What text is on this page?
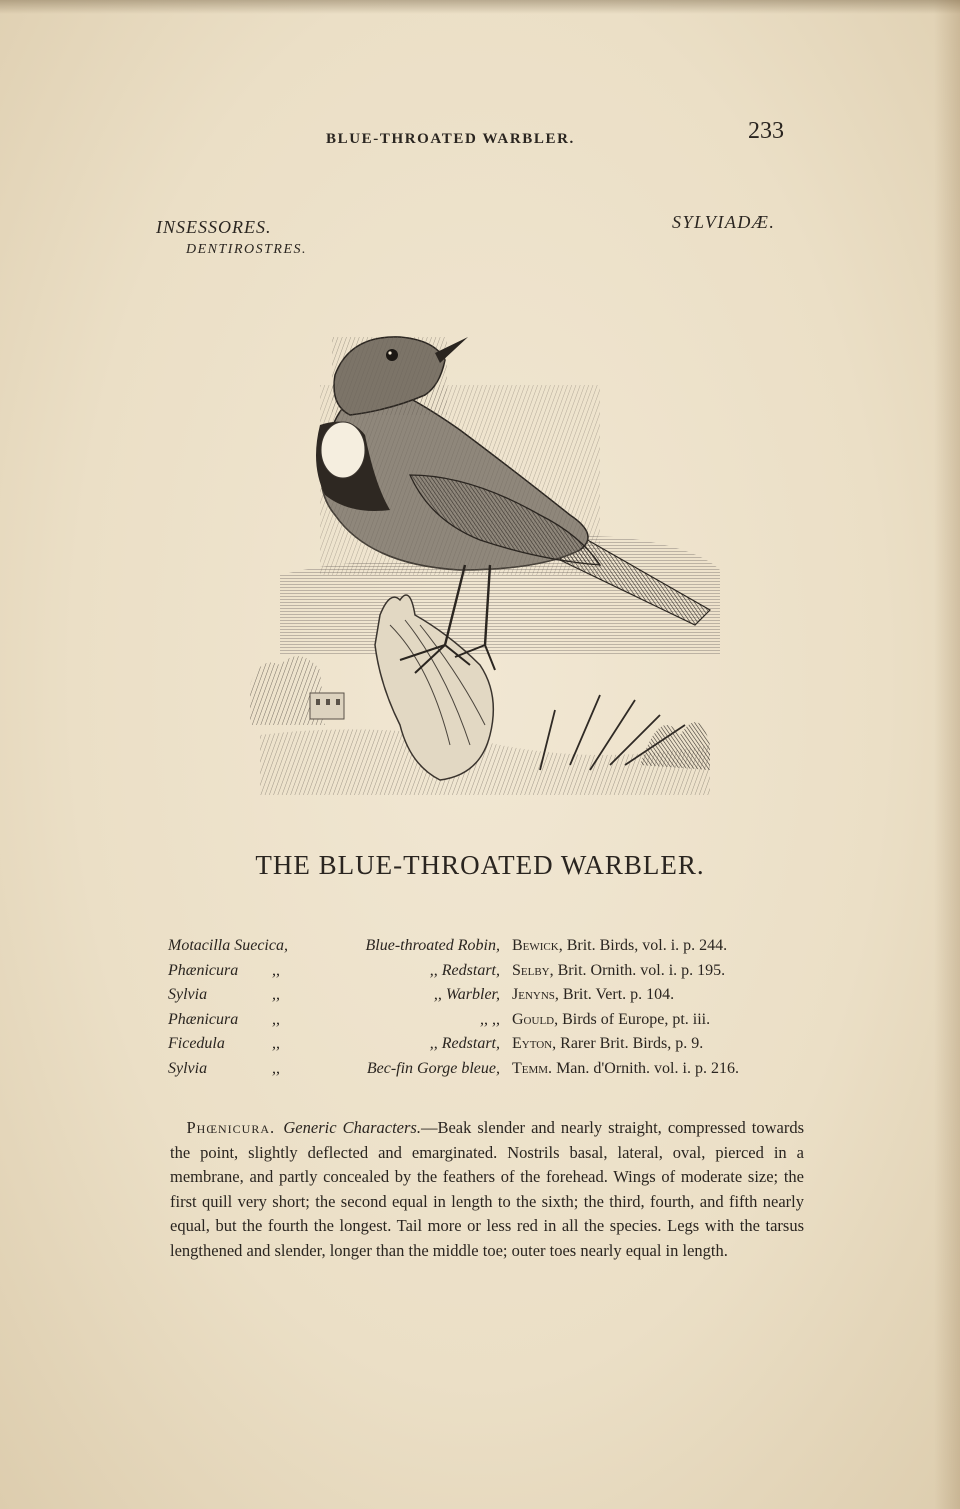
BLUE-THROATED WARBLER.	233
INSESSORES.
DENTIROSTRES.
SYLVIADÆ.
THE BLUE-THROATED WARBLER.
Motacilla Suecica,		Blue-throated Robin,	Bewick, Brit. Birds, vol. i. p. 244.
Phænicura	,,	,, Redstart,	Selby, Brit. Ornith. vol. i. p. 195.
Sylvia	,,	,, Warbler,	Jenyns, Brit. Vert. p. 104.
Phænicura	,,	,, ,,	Gould, Birds of Europe, pt. iii.
Ficedula	,,	,, Redstart,	Eyton, Rarer Brit. Birds, p. 9.
Sylvia	,,	Bec-fin Gorge bleue,	Temm. Man. d'Ornith. vol. i. p. 216.
 Phœnicura.  Generic Characters.—Beak slender and nearly straight, compressed towards the point, slightly deflected and emarginated. Nostrils basal, lateral, oval, pierced in a membrane, and partly concealed by the feathers of the forehead. Wings of moderate size; the first quill very short; the second equal in length to the sixth; the third, fourth, and fifth nearly equal, but the fourth the longest. Tail more or less red in all the species. Legs with the tarsus lengthened and slender, longer than the middle toe; outer toes nearly equal in length.
